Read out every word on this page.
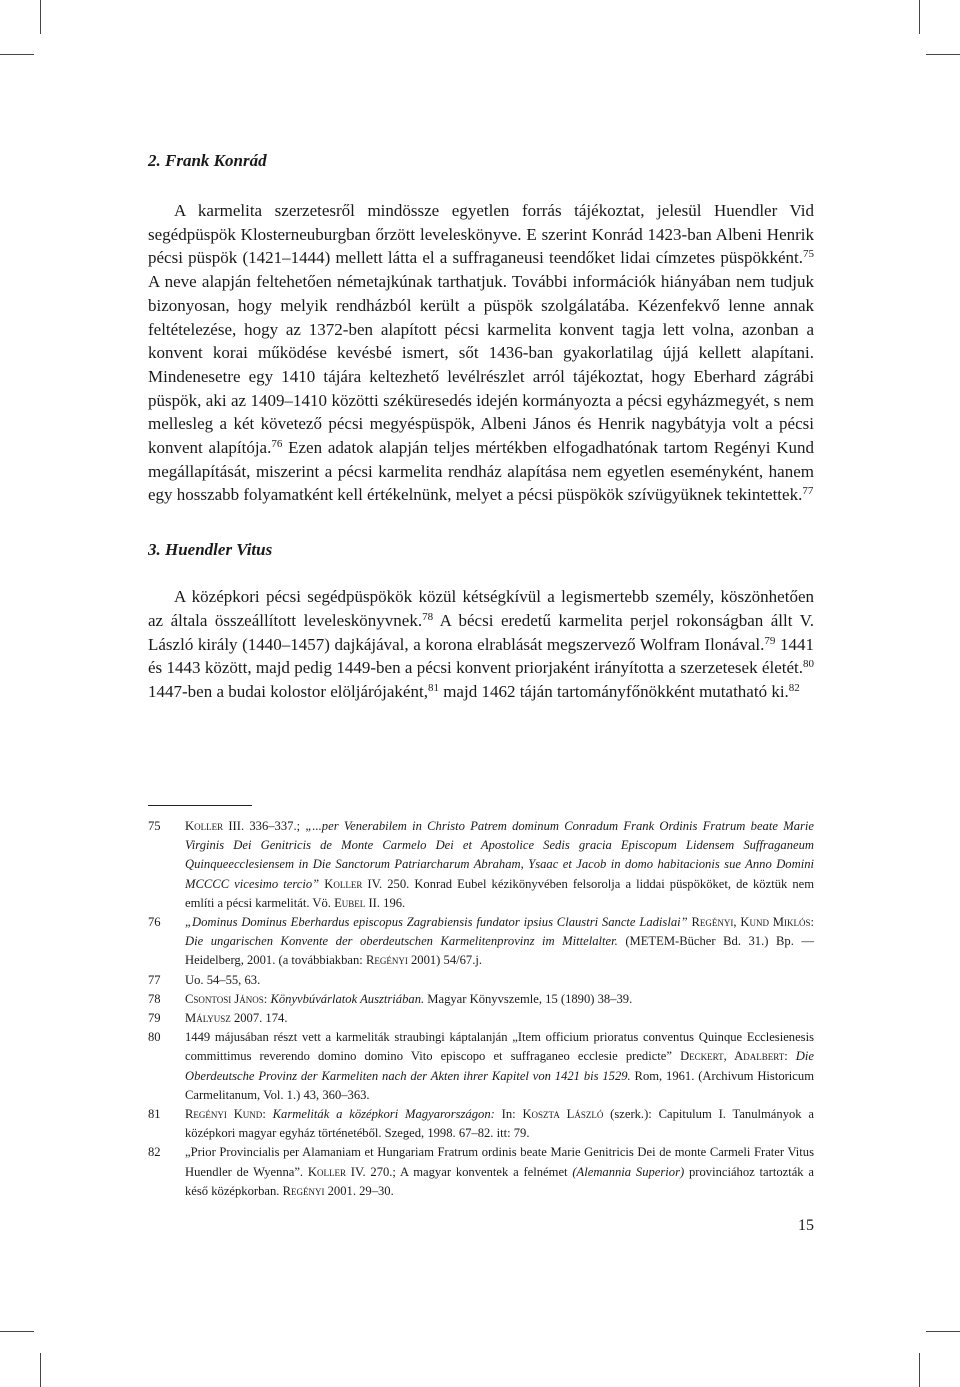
2. Frank Konrád

A karmelita szerzetesről mindössze egyetlen forrás tájékoztat, jelesül Huendler Vid segédpüspök Klosterneuburgban őrzött leveleskönyve. E szerint Konrád 1423-ban Albeni Henrik pécsi püspök (1421–1444) mellett látta el a suffraganeusi teendőket lidai címzetes püspökként.$^{75}$ A neve alapján feltehetően németajkúnak tarthatjuk. További információk hiányában nem tudjuk bizonyosan, hogy melyik rendházból került a püspök szolgálatába. Kézenfekvő lenne annak feltételezése, hogy az 1372-ben alapított pécsi karmelita konvent tagja lett volna, azonban a konvent korai működése kevésbé ismert, sőt 1436-ban gyakorlatilag újjá kellett alapítani. Mindenesetre egy 1410 tájára keltezhető levélrészlet arról tájékoztat, hogy Eberhard zágrábi püspök, aki az 1409–1410 közötti széküresedés idején kormányozta a pécsi egyházmegyét, s nem mellesleg a két követező pécsi megyéspüspök, Albeni János és Henrik nagybátyja volt a pécsi konvent alapítója.$^{76}$ Ezen adatok alapján teljes mértékben elfogadhatónak tartom Regényi Kund megállapítását, miszerint a pécsi karmelita rendház alapítása nem egyetlen eseményként, hanem egy hosszabb folyamatként kell értékelnünk, melyet a pécsi püspökök szívügyüknek tekintettek.$^{77}$

3. Huendler Vitus

A középkori pécsi segédpüspökök közül kétségkívül a legismertebb személy, köszönhetően az általa összeállított leveleskönyvnek.$^{78}$ A bécsi eredetű karmelita perjel rokonságban állt V. László király (1440–1457) dajkájával, a korona elrablását megszervező Wolfram Ilonával.$^{79}$ 1441 és 1443 között, majd pedig 1449-ben a pécsi konvent priorjaként irányította a szerzetesek életét.$^{80}$ 1447-ben a budai kolostor elöljárójaként,$^{81}$ majd 1462 táján tartományfőnökként mutatható ki.$^{82}$

75	Koller III. 336–337.; „...per Venerabilem in Christo Patrem dominum Conradum Frank Ordinis Fratrum beate Marie Virginis Dei Genitricis de Monte Carmelo Dei et Apostolice Sedis gracia Episcopum Lidensem Suffraganeum Quinqueecclesiensem in Die Sanctorum Patriarcharum Abraham, Ysaac et Jacob in domo habitacionis sue Anno Domini MCCCC vicesimo tercio” Koller IV. 250. Konrad Eubel kézikönyvében felsorolja a liddai püspököket, de köztük nem említi a pécsi karmelitát. Vö. Eubel II. 196.
76	„Dominus Dominus Eberhardus episcopus Zagrabiensis fundator ipsius Claustri Sancte Ladislai” Regényi, Kund Miklós: Die ungarischen Konvente der oberdeutschen Karmelitenprovinz im Mittelalter. (METEM-Bücher Bd. 31.) Bp. — Heidelberg, 2001. (a továbbiakban: Regényi 2001) 54/67.j.
77	Uo. 54–55, 63.
78	Csontosi János: Könyvbúvárlatok Ausztriában. Magyar Könyvszemle, 15 (1890) 38–39.
79	Mályusz 2007. 174.
80	1449 májusában részt vett a karmeliták straubingi káptalanján „Item officium prioratus conventus Quinque Ecclesienesis committimus reverendo domino domino Vito episcopo et suffraganeo ecclesie predicte” Deckert, Adalbert: Die Oberdeutsche Provinz der Karmeliten nach der Akten ihrer Kapitel von 1421 bis 1529. Rom, 1961. (Archivum Historicum Carmelitanum, Vol. 1.) 43, 360–363.
81	Regényi Kund: Karmeliták a középkori Magyarországon: In: Koszta László (szerk.): Capitulum I. Tanulmányok a középkori magyar egyház történetéből. Szeged, 1998. 67–82. itt: 79.
82	„Prior Provincialis per Alamaniam et Hungariam Fratrum ordinis beate Marie Genitricis Dei de monte Carmeli Frater Vitus Huendler de Wyenna”. Koller IV. 270.; A magyar konventek a felnémet (Alemannia Superior) provinciához tartozták a késő középkorban. Regényi 2001. 29–30.
15
